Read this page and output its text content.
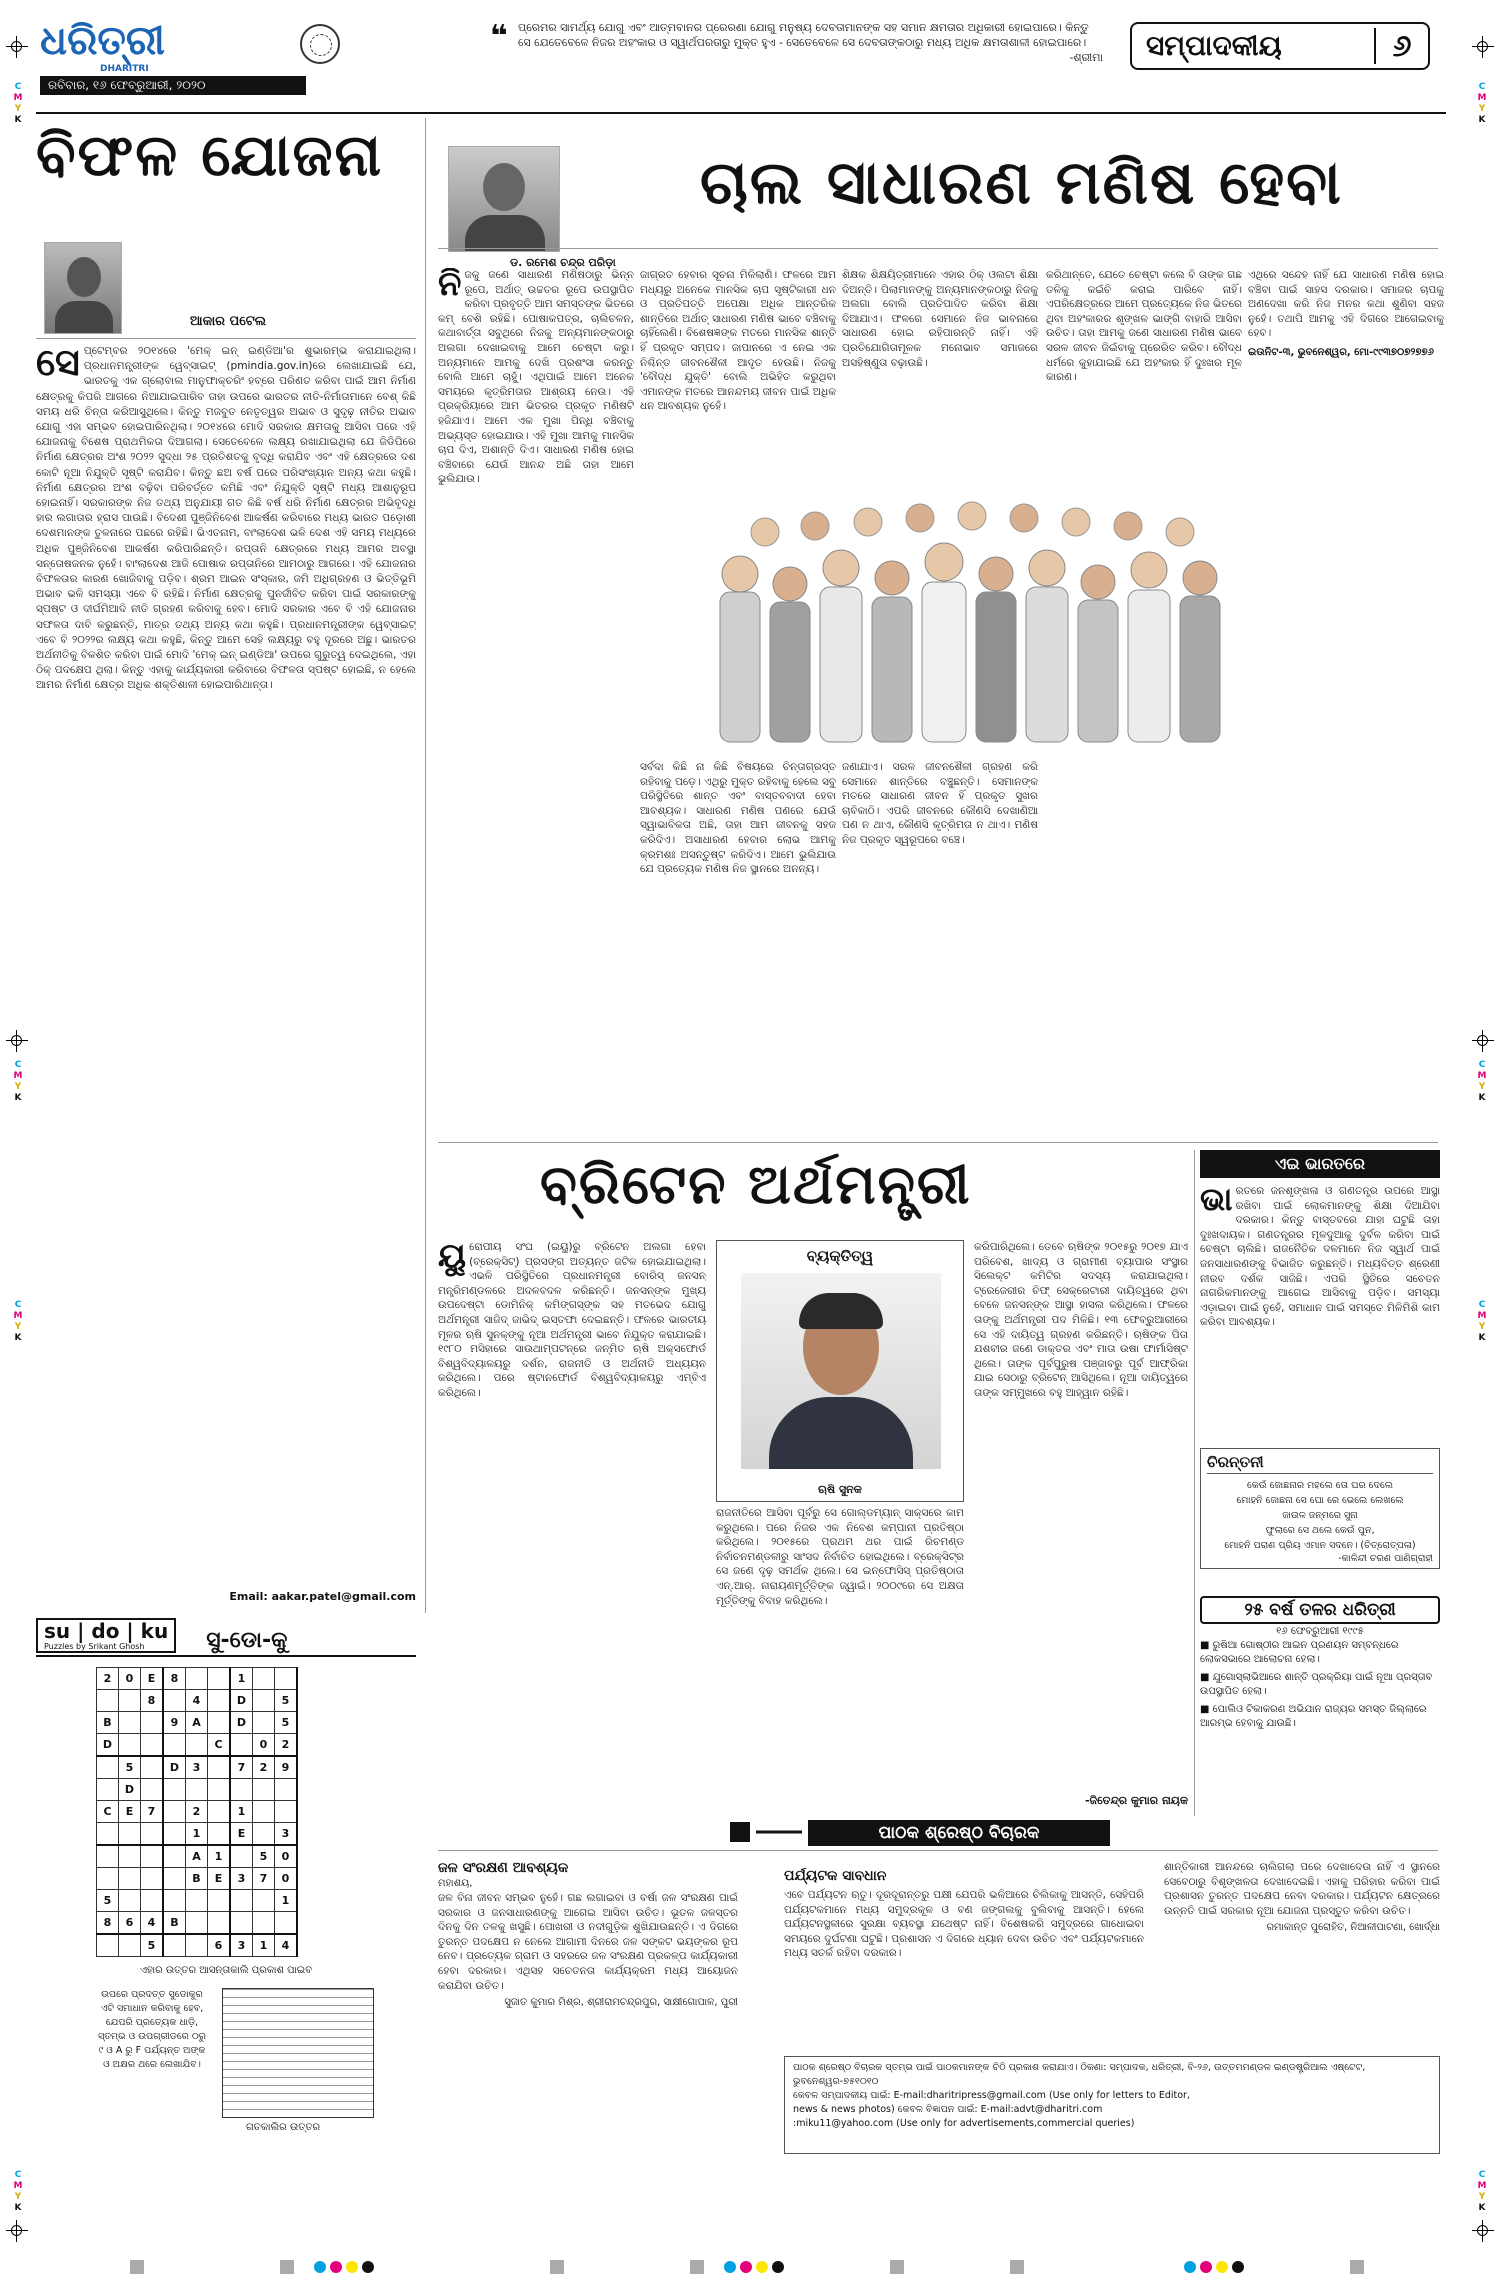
C
M
Y
K
C
M
Y
K
C
M
Y
K
C
M
Y
K
C
M
Y
K
C
M
Y
K
C
M
Y
K
C
M
Y
K
ଧରିତ୍ରୀ
DHARITRI
ରବିବାର, ୧୬ ଫେବ୍ରୁଆରୀ, ୨୦୨୦
❝ ପ୍ରେମର ସାମର୍ଥ୍ୟ ଯୋଗୁ ଏବଂ ଆତ୍ମବାନର ପ୍ରେରଣା ଯୋଗୁ ମନୁଷ୍ୟ ଦେବତାମାନଙ୍କ ସହ ସମାନ କ୍ଷମତାର ଅଧିକାରୀ ହୋଇପାରେ। କିନ୍ତୁ ସେ ଯେତେବେଳେ ନିଜର ଅହଂକାର ଓ ସ୍ୱାର୍ଥପରତାରୁ ମୁକ୍ତ ହୁଏ - ସେତେବେଳେ ସେ ଦେବତାଙ୍କଠାରୁ ମଧ୍ୟ ଅଧିକ କ୍ଷମତାଶାଳୀ ହୋଇପାରେ।
-ଶ୍ରୀମା	ସମ୍ପାଦକୀୟ	୬
ବିଫଳ ଯୋଜନା
ଆକାର ପଟେଲ
ସେ ପ୍ଟେମ୍ବର ୨୦୧୪ରେ 'ମେକ୍ ଇନ୍ ଇଣ୍ଡିଆ'ର ଶୁଭାରମ୍ଭ କରାଯାଇଥିଲା। ପ୍ରଧାନମନ୍ତ୍ରୀଙ୍କ ୱେବ୍‌ସାଇଟ୍ (pmindia.gov.in)ରେ ଲେଖାଯାଇଛି ଯେ, ଭାରତକୁ ଏକ ଗ୍ଲୋବାଲ ମାନୁଫାକ୍ଚରିଂ ହବ୍‌ରେ ପରିଣତ କରିବା ପାଇଁ ଆମ ନିର୍ମାଣ କ୍ଷେତ୍ରକୁ କିପରି ଆଗରେ ନିଆଯାଇପାରିବ ତାହା ଉପରେ ଭାରତର ନୀତି-ନିର୍ମାତାମାନେ ବେଶ୍ କିଛି ସମୟ ଧରି ଚିନ୍ତା କରିଆସୁଥିଲେ। କିନ୍ତୁ ମଜବୁତ ନେତୃତ୍ୱର ଅଭାବ ଓ ସୁଦୃଢ଼ ନୀତିର ଅଭାବ ଯୋଗୁ ଏହା ସମ୍ଭବ ହୋଇପାରିନଥିଲା। ୨୦୧୪ରେ ମୋଦି ସରକାର କ୍ଷମତାକୁ ଆସିବା ପରେ ଏହି ଯୋଜନାକୁ ବିଶେଷ ପ୍ରାଥମିକତା ଦିଆଗଲା। ସେତେବେଳେ ଲକ୍ଷ୍ୟ ରଖାଯାଇଥିଲା ଯେ ଜିଡିପିରେ ନିର୍ମାଣ କ୍ଷେତ୍ରର ଅଂଶ ୨୦୨୨ ସୁଦ୍ଧା ୨୫ ପ୍ରତିଶତକୁ ବୃଦ୍ଧି କରାଯିବ ଏବଂ ଏହି କ୍ଷେତ୍ରରେ ଦଶ କୋଟି ନୂଆ ନିଯୁକ୍ତି ସୃଷ୍ଟି କରାଯିବ। କିନ୍ତୁ ଛଅ ବର୍ଷ ପରେ ପରିସଂଖ୍ୟାନ ଅନ୍ୟ କଥା କହୁଛି। ନିର୍ମାଣ କ୍ଷେତ୍ରର ଅଂଶ ବଢ଼ିବା ପରିବର୍ତ୍ତେ କମିଛି ଏବଂ ନିଯୁକ୍ତି ସୃଷ୍ଟି ମଧ୍ୟ ଆଶାନୁରୂପ ହୋଇନାହିଁ। ସରକାରଙ୍କ ନିଜ ତଥ୍ୟ ଅନୁଯାୟୀ ଗତ କିଛି ବର୍ଷ ଧରି ନିର୍ମାଣ କ୍ଷେତ୍ରର ଅଭିବୃଦ୍ଧି ହାର ଲଗାତାର ହ୍ରାସ ପାଉଛି। ବିଦେଶୀ ପୁଞ୍ଜିନିବେଶ ଆକର୍ଷଣ କରିବାରେ ମଧ୍ୟ ଭାରତ ପଡ଼ୋଶୀ ଦେଶମାନଙ୍କ ତୁଳନାରେ ପଛରେ ରହିଛି। ଭିଏତନାମ, ବାଂଲାଦେଶ ଭଳି ଦେଶ ଏହି ସମୟ ମଧ୍ୟରେ ଅଧିକ ପୁଞ୍ଜିନିବେଶ ଆକର୍ଷଣ କରିପାରିଛନ୍ତି। ରପ୍ତାନି କ୍ଷେତ୍ରରେ ମଧ୍ୟ ଆମର ଅବସ୍ଥା ସନ୍ତୋଷଜନକ ନୁହେଁ। ବାଂଲାଦେଶ ଆଜି ପୋଷାକ ରପ୍ତାନିରେ ଆମଠାରୁ ଆଗରେ। ଏହି ଯୋଜନାର ବିଫଳତାର କାରଣ ଖୋଜିବାକୁ ପଡ଼ିବ। ଶ୍ରମ ଆଇନ ସଂସ୍କାର, ଜମି ଅଧିଗ୍ରହଣ ଓ ଭିତ୍ତିଭୂମି ଅଭାବ ଭଳି ସମସ୍ୟା ଏବେ ବି ରହିଛି। ନିର୍ମାଣ କ୍ଷେତ୍ରକୁ ପୁନର୍ଜୀବିତ କରିବା ପାଇଁ ସରକାରଙ୍କୁ ସ୍ପଷ୍ଟ ଓ ଦୀର୍ଘମିଆଦି ନୀତି ଗ୍ରହଣ କରିବାକୁ ହେବ। ମୋଦି ସରକାର ଏବେ ବି ଏହି ଯୋଜନାର ସଫଳତା ଦାବି କରୁଛନ୍ତି, ମାତ୍ର ତଥ୍ୟ ଅନ୍ୟ କଥା କହୁଛି। ପ୍ରଧାନମନ୍ତ୍ରୀଙ୍କ ୱେବ୍‌ସାଇଟ୍ ଏବେ ବି ୨୦୨୨ର ଲକ୍ଷ୍ୟ କଥା କହୁଛି, କିନ୍ତୁ ଆମେ ସେହି ଲକ୍ଷ୍ୟରୁ ବହୁ ଦୂରରେ ଅଛୁ। ଭାରତର ଅର୍ଥନୀତିକୁ ବିକଶିତ କରିବା ପାଇଁ ମୋଦି 'ମେକ୍ ଇନ୍ ଇଣ୍ଡିଆ' ଉପରେ ଗୁରୁତ୍ୱ ଦେଇଥିଲେ, ଏହା ଠିକ୍ ପଦକ୍ଷେପ ଥିଲା। କିନ୍ତୁ ଏହାକୁ କାର୍ଯ୍ୟକାରୀ କରିବାରେ ବିଫଳତା ସ୍ପଷ୍ଟ ହୋଇଛି, ନ ହେଲେ ଆମର ନିର୍ମାଣ କ୍ଷେତ୍ର ଅଧିକ ଶକ୍ତିଶାଳୀ ହୋଇପାରିଥାନ୍ତା।
Email: aakar.patel@gmail.com
su | do | ku
Puzzles by Srikant Ghosh	ସୁ-ଡୋ-କୁ
2	0	E	8			1		
		8		4		D		5
B			9	A		D		5
D					C		0	2
	5		D	3		7	2	9
	D							
C	E	7		2		1		
				1		E		3
				A	1		5	0
				B	E	3	7	0
5								1
8	6	4	B					
		5			6	3	1	4
ଏହାର ଉତ୍ତର ଆସନ୍ତାକାଲି ପ୍ରକାଶ ପାଇବ
ଉପରେ ପ୍ରଦତ୍ତ ସୁଡୋକୁର ଏଟି ସମାଧାନ କରିବାକୁ ହେବ, ଯେପରି ପ୍ରତ୍ୟେକ ଧାଡ଼ି, ସ୍ତମ୍ଭ ଓ ଉପଗ୍ରୀଡରେ ୦ରୁ ୯ ଓ A ରୁ F ପର୍ଯ୍ୟନ୍ତ ଅଙ୍କ ଓ ଅକ୍ଷର ଥରେ ଲେଖାଯିବ।
ଗତକାଲିର ଉତ୍ତର
ଡ. ରମେଶ ଚନ୍ଦ୍ର ପରିଡ଼ା
ଚାଲ ସାଧାରଣ ମଣିଷ ହେବା
ନି ଜକୁ ଜଣେ ସାଧାରଣ ମଣିଷଠାରୁ ଭିନ୍ନ ରୂପେ, ଅର୍ଥାତ୍ ଉଚ୍ଚତର ରୂପେ ଉପସ୍ଥାପିତ କରିବା ପ୍ରବୃତ୍ତି ଆମ ସମସ୍ତଙ୍କ ଭିତରେ କମ୍ ବେଶି ରହିଛି। ପୋଷାକପତ୍ର, ଚାଲିଚଳନ, କଥାବାର୍ତ୍ତା ସବୁଥିରେ ନିଜକୁ ଅନ୍ୟମାନଙ୍କଠାରୁ ଅଲଗା ଦେଖାଇବାକୁ ଆମେ ଚେଷ୍ଟା କରୁ। ଅନ୍ୟମାନେ ଆମକୁ ଦେଖି ପ୍ରଶଂସା କରନ୍ତୁ ବୋଲି ଆମେ ଚାହୁଁ। ଏଥିପାଇଁ ଆମେ ଅନେକ ସମୟରେ କୃତ୍ରିମତାର ଆଶ୍ରୟ ନେଉ। ଏହି ପ୍ରକ୍ରିୟାରେ ଆମ ଭିତରର ପ୍ରକୃତ ମଣିଷଟି ହଜିଯାଏ। ଆମେ ଏକ ମୁଖା ପିନ୍ଧି ବଞ୍ଚିବାକୁ ଅଭ୍ୟସ୍ତ ହୋଇଯାଉ। ଏହି ମୁଖା ଆମକୁ ମାନସିକ ଚାପ ଦିଏ, ଅଶାନ୍ତି ଦିଏ। ସାଧାରଣ ମଣିଷ ହୋଇ ବଞ୍ଚିବାରେ ଯେଉଁ ଆନନ୍ଦ ଅଛି ତାହା ଆମେ ଭୁଲିଯାଉ।
ଜାଗ୍ରତ ହେବାର ସୂଚନା ମିଳିଲାଣି। ଫଳରେ ଆମ ମଧ୍ୟରୁ ଅନେକେ ମାନସିକ ଚାପ ସୃଷ୍ଟିକାରୀ ଧନ ଓ ପ୍ରତିପତ୍ତି ଅପେକ୍ଷା ଅଧିକ ଆନ୍ତରିକ ଶାନ୍ତିରେ ଅର୍ଥାତ୍ ସାଧାରଣ ମଣିଷ ଭାବେ ବଞ୍ଚିବାକୁ ଚାହିଁଲେଣି। ବିଶେଷଜ୍ଞଙ୍କ ମତରେ ମାନସିକ ଶାନ୍ତି ହିଁ ପ୍ରକୃତ ସମ୍ପଦ। ଜାପାନରେ ଏ ନେଇ ଏକ ନିଶ୍ଚିନ୍ତ ଜୀବନଶୈଳୀ ଆଦୃତ ହେଉଛି। ନିଜକୁ 'ବୌଦ୍ଧ ଯୁକ୍ତି' ବୋଲି ଅଭିହିତ କରୁଥିବା ଏମାନଙ୍କ ମତରେ ଆନନ୍ଦମୟ ଜୀବନ ପାଇଁ ଅଧିକ ଧନ ଆବଶ୍ୟକ ନୁହେଁ।
ଶିକ୍ଷକ ଶିକ୍ଷୟିତ୍ରୀମାନେ ଏହାର ଠିକ୍ ଓଲଟା ଶିକ୍ଷା ଦିଅନ୍ତି। ପିଲାମାନଙ୍କୁ ଅନ୍ୟମାନଙ୍କଠାରୁ ନିଜକୁ ଅଲଗା ବୋଲି ପ୍ରତିପାଦିତ କରିବା ଶିକ୍ଷା ଦିଆଯାଏ। ଫଳରେ ସେମାନେ ନିଜ ଭାବନାରେ ସାଧାରଣ ହୋଇ ରହିପାରନ୍ତି ନାହିଁ। ଏହି ପ୍ରତିଯୋଗିତାମୂଳକ ମନୋଭାବ ସମାଜରେ ଅସହିଷ୍ଣୁତା ବଢ଼ାଉଛି।
କରିଥାନ୍ତେ, ଯେତେ ଚେଷ୍ଟା କଲେ ବି ତାଙ୍କ ଗଛ ତଳିକୁ କଇଁଚି କରାଇ ପାରିବେ ନାହିଁ। ଏପରିକ୍ଷେତ୍ରରେ ଆମେ ପ୍ରତ୍ୟେକେ ନିଜ ଭିତରେ ଥିବା ଅହଂକାରର ଶୃଙ୍ଖଳ ଭାଙ୍ଗି ବାହାରି ଆସିବା ଉଚିତ। ତାହା ଆମକୁ ଜଣେ ସାଧାରଣ ମଣିଷ ଭାବେ ସରଳ ଜୀବନ ଜିଇଁବାକୁ ପ୍ରେରିତ କରିବ। ବୌଦ୍ଧ ଧର୍ମରେ କୁହାଯାଇଛି ଯେ ଅହଂକାର ହିଁ ଦୁଃଖର ମୂଳ କାରଣ।
ଏଥିରେ ସନ୍ଦେହ ନାହିଁ ଯେ ସାଧାରଣ ମଣିଷ ହୋଇ ବଞ୍ଚିବା ପାଇଁ ସାହସ ଦରକାର। ସମାଜର ଚାପକୁ ଅଣଦେଖା କରି ନିଜ ମନର କଥା ଶୁଣିବା ସହଜ ନୁହେଁ। ତଥାପି ଆମକୁ ଏହି ଦିଗରେ ଆଗେଇବାକୁ ହେବ।
ଇଉନିଟ-୩, ଭୁବନେଶ୍ୱର, ମୋ-୯୯୩୭୦୭୨୭୭୬
ସର୍ବଦା କିଛି ନା କିଛି ବିଷୟରେ ଚିନ୍ତାଗ୍ରସ୍ତ ରହିବାକୁ ପଡ଼େ। ଏଥିରୁ ମୁକ୍ତ ରହିବାକୁ ହେଲେ ସବୁ ପରିସ୍ଥିତିରେ ଶାନ୍ତ ଏବଂ ବାସ୍ତବବାଦୀ ହେବା ଆବଶ୍ୟକ। ସାଧାରଣ ମଣିଷ ପଣରେ ଯେଉଁ ସ୍ୱାଭାବିକତା ଅଛି, ତାହା ଆମ ଜୀବନକୁ ସହଜ କରିଦିଏ। ଅସାଧାରଣ ହେବାର ଲୋଭ ଆମକୁ କ୍ରମଶଃ ଅସନ୍ତୁଷ୍ଟ କରିଦିଏ। ଆମେ ଭୁଲିଯାଉ ଯେ ପ୍ରତ୍ୟେକ ମଣିଷ ନିଜ ସ୍ଥାନରେ ଅନନ୍ୟ।
ଜଣାଯାଏ। ସରଳ ଜୀବନଶୈଳୀ ଗ୍ରହଣ କରି ସେମାନେ ଶାନ୍ତିରେ ବଞ୍ଚୁଛନ୍ତି। ସେମାନଙ୍କ ମତରେ ସାଧାରଣ ଜୀବନ ହିଁ ପ୍ରକୃତ ସୁଖର ଚାବିକାଠି। ଏପରି ଜୀବନରେ କୌଣସି ଦେଖାଣିଆ ପଣ ନ ଥାଏ, କୌଣସି କୃତ୍ରିମତା ନ ଥାଏ। ମଣିଷ ନିଜ ପ୍ରକୃତ ସ୍ୱରୂପରେ ବଞ୍ଚେ।
ବ୍ରିଟେନ ଅର୍ଥମନ୍ତ୍ରୀ
ୟୁ ରୋପୀୟ ସଂଘ (ଇୟୁ)ରୁ ବ୍ରିଟେନ ଅଲଗା ହେବା (ବ୍ରେକ୍ସିଟ୍) ପ୍ରସଙ୍ଗ ଅତ୍ୟନ୍ତ ଜଟିଳ ହୋଇଯାଇଥିଲା। ଏଭଳି ପରିସ୍ଥିତିରେ ପ୍ରଧାନମନ୍ତ୍ରୀ ବୋରିସ୍ ଜନସନ୍ ମନ୍ତ୍ରିମଣ୍ଡଳରେ ଅଦଳବଦଳ କରିଛନ୍ତି। ଜନସନ୍‌ଙ୍କ ମୁଖ୍ୟ ଉପଦେଷ୍ଟା ଡୋମିନିକ୍ କମିଙ୍ଗସ୍‌ଙ୍କ ସହ ମତଭେଦ ଯୋଗୁ ଅର୍ଥମନ୍ତ୍ରୀ ସାଜିଦ୍ ଜାଭିଦ୍ ଇସ୍ତଫା ଦେଇଛନ୍ତି। ଫଳରେ ଭାରତୀୟ ମୂଳର ଋଷି ସୁନକ୍‌ଙ୍କୁ ନୂଆ ଅର୍ଥମନ୍ତ୍ରୀ ଭାବେ ନିଯୁକ୍ତ କରାଯାଇଛି। ୧୯୮୦ ମସିହାରେ ସାଉଥାମ୍ପଟନ୍‌ରେ ଜନ୍ମିତ ଋଷି ଅକ୍ସଫୋର୍ଡ ବିଶ୍ୱବିଦ୍ୟାଳୟରୁ ଦର୍ଶନ, ରାଜନୀତି ଓ ଅର୍ଥନୀତି ଅଧ୍ୟୟନ କରିଥିଲେ। ପରେ ଷ୍ଟାନଫୋର୍ଡ ବିଶ୍ୱବିଦ୍ୟାଳୟରୁ ଏମ୍‌ବିଏ କରିଥିଲେ।
ବ୍ୟକ୍ତିତ୍ୱ
ଋଷି ସୁନକ
ରାଜନୀତିରେ ଆସିବା ପୂର୍ବରୁ ସେ ଗୋଲ୍ଡମ୍ୟାନ୍ ସାକ୍ସରେ କାମ କରୁଥିଲେ। ପରେ ନିଜର ଏକ ନିବେଶ କମ୍ପାନୀ ପ୍ରତିଷ୍ଠା କରିଥିଲେ। ୨୦୧୫ରେ ପ୍ରଥମ ଥର ପାଇଁ ରିଚମଣ୍ଡ ନିର୍ବାଚନମଣ୍ଡଳୀରୁ ସାଂସଦ ନିର୍ବାଚିତ ହୋଇଥିଲେ। ବ୍ରେକ୍ସିଟ୍‌ର ସେ ଜଣେ ଦୃଢ଼ ସମର୍ଥକ ଥିଲେ। ସେ ଇନ୍ଫୋସିସ୍ ପ୍ରତିଷ୍ଠାତା ଏନ୍.ଆର୍. ନାରାୟଣମୂର୍ତ୍ତିଙ୍କ ଜ୍ୱାଇଁ। ୨୦୦୯ରେ ସେ ଅକ୍ଷତା ମୂର୍ତ୍ତିଙ୍କୁ ବିବାହ କରିଥିଲେ।
କରିପାରିଥିଲେ। ତେବେ ଋଷିଙ୍କ ୨୦୧୫ରୁ ୨୦୧୭ ଯାଏ ପରିବେଶ, ଖାଦ୍ୟ ଓ ଗ୍ରାମୀଣ ବ୍ୟାପାର ସଂସ୍ଥାର ସିଲେକ୍ଟ କମିଟିର ସଦସ୍ୟ କରାଯାଇଥିଲା। ଟ୍ରେଜେରୀର ଚିଫ୍ ସେକ୍ରେଟାରୀ ଦାୟିତ୍ୱରେ ଥିବା ବେଳେ ଜନସନ୍‌ଙ୍କ ଆସ୍ଥା ହାସଲ କରିଥିଲେ। ଫଳରେ ତାଙ୍କୁ ଅର୍ଥମନ୍ତ୍ରୀ ପଦ ମିଳିଛି। ୧୩ ଫେବ୍ରୁଆରୀରେ ସେ ଏହି ଦାୟିତ୍ୱ ଗ୍ରହଣ କରିଛନ୍ତି। ଋଷିଙ୍କ ପିତା ଯଶବୀର ଜଣେ ଡାକ୍ତର ଏବଂ ମାତା ଉଷା ଫାର୍ମାସିଷ୍ଟ ଥିଲେ। ତାଙ୍କ ପୂର୍ବପୁରୁଷ ପଞ୍ଜାବରୁ ପୂର୍ବ ଆଫ୍ରିକା ଯାଇ ସେଠାରୁ ବ୍ରିଟେନ୍ ଆସିଥିଲେ। ନୂଆ ଦାୟିତ୍ୱରେ ତାଙ୍କ ସମ୍ମୁଖରେ ବହୁ ଆହ୍ୱାନ ରହିଛି।
-ଜିତେନ୍ଦ୍ର କୁମାର ନାୟକ
ଏଇ ଭାରତରେ
ଭା ରତରେ ଜନଶୃଙ୍ଖଳା ଓ ଗଣତନ୍ତ୍ର ଉପରେ ଆସ୍ଥା ରଖିବା ପାଇଁ ଲୋକମାନଙ୍କୁ ଶିକ୍ଷା ଦିଆଯିବା ଦରକାର। କିନ୍ତୁ ବାସ୍ତବରେ ଯାହା ଘଟୁଛି ତାହା ଦୁଃଖଦାୟକ। ଗଣତନ୍ତ୍ରର ମୂଳଦୁଆକୁ ଦୁର୍ବଳ କରିବା ପାଇଁ ଚେଷ୍ଟା ଚାଲିଛି। ରାଜନୈତିକ ଦଳମାନେ ନିଜ ସ୍ୱାର୍ଥ ପାଇଁ ଜନସାଧାରଣଙ୍କୁ ବିଭାଜିତ କରୁଛନ୍ତି। ମଧ୍ୟବିତ୍ତ ଶ୍ରେଣୀ ନୀରବ ଦର୍ଶକ ସାଜିଛି। ଏପରି ସ୍ଥିତିରେ ସଚେତନ ନାଗରିକମାନଙ୍କୁ ଆଗେଇ ଆସିବାକୁ ପଡ଼ିବ। ସମସ୍ୟା ଏଡ଼ାଇବା ପାଇଁ ନୁହେଁ, ସମାଧାନ ପାଇଁ ସମସ୍ତେ ମିଳିମିଶି କାମ କରିବା ଆବଶ୍ୟକ।
ଚିରନ୍ତନୀ
କେଉଁ ଜୋଛନାର ମହଲେ ତୋ ଘର ଦେଲେ
ମୋହନି ଜୋଛନା ସେ ଘୋ ରେ ଭେଲେ ଲେଖଲେ
ଜାଉଳ ଜନ୍ମରେ ସୁନା
ଫୁଲାରେ ସେ ଥଲେ କେଉଁ ପୁନ,
ମୋହନି ପରାଣ ପ୍ରିୟ ଏମାନ ସଦନେ। (ଚିତ୍ରୋତ୍ପଳା)
-କାଳିନ୍ଦୀ ଚରଣ ପାଣିଗ୍ରାହୀ
୨୫ ବର୍ଷ ତଳର ଧରିତ୍ରୀ
୧୬ ଫେବ୍ରୁଆରୀ ୧୯୯୫
■ ରୁଷିଆ ଗୋଷ୍ଠୀର ଆଇନ ପ୍ରଣୟନ ସମ୍ବନ୍ଧରେ ଲୋକସଭାରେ ଆଲୋଚନା ହେଲା।
■ ଯୁଗୋସ୍ଲାଭିଆରେ ଶାନ୍ତି ପ୍ରକ୍ରିୟା ପାଇଁ ନୂଆ ପ୍ରସ୍ତାବ ଉପସ୍ଥାପିତ ହେଲା।
■ ପୋଲିଓ ଟିକାକରଣ ଅଭିଯାନ ରାଜ୍ୟର ସମସ୍ତ ଜିଲ୍ଲାରେ ଆରମ୍ଭ ହେବାକୁ ଯାଉଛି।
ପାଠକ ଶ୍ରେଷ୍ଠ ବିଚାରକ
ଜଳ ସଂରକ୍ଷଣ ଆବଶ୍ୟକ
ମହାଶୟ,
ଜଳ ବିନା ଜୀବନ ସମ୍ଭବ ନୁହେଁ। ଗଛ ଲଗାଇବା ଓ ବର୍ଷା ଜଳ ସଂରକ୍ଷଣ ପାଇଁ ସରକାର ଓ ଜନସାଧାରଣଙ୍କୁ ଆଗେଇ ଆସିବା ଉଚିତ। ଭୂତଳ ଜଳସ୍ତର ଦିନକୁ ଦିନ ତଳକୁ ଖସୁଛି। ପୋଖରୀ ଓ ନଦୀଗୁଡ଼ିକ ଶୁଖିଯାଉଛନ୍ତି। ଏ ଦିଗରେ ତୁରନ୍ତ ପଦକ୍ଷେପ ନ ନେଲେ ଆଗାମୀ ଦିନରେ ଜଳ ସଙ୍କଟ ଭୟଙ୍କର ରୂପ ନେବ। ପ୍ରତ୍ୟେକ ଗ୍ରାମ ଓ ସହରରେ ଜଳ ସଂରକ୍ଷଣ ପ୍ରକଳ୍ପ କାର୍ଯ୍ୟକାରୀ ହେବା ଦରକାର। ଏଥିସହ ସଚେତନତା କାର୍ଯ୍ୟକ୍ରମ ମଧ୍ୟ ଆୟୋଜନ କରାଯିବା ଉଚିତ।
ସୁଜାତ କୁମାର ମିଶ୍ର, ଶ୍ରୀରାମଚନ୍ଦ୍ରପୁର, ସାକ୍ଷୀଗୋପାଳ, ପୁରୀ
ପର୍ଯ୍ୟଟକ ସାବଧାନ
ଏବେ ପର୍ଯ୍ୟଟନ ଋତୁ। ଦୂରଦୂରାନ୍ତରୁ ପକ୍ଷୀ ଯେପରି ଭଳିଆରେ ଚିଲିକାକୁ ଆସନ୍ତି, ସେହିପରି ପର୍ଯ୍ୟଟକମାନେ ମଧ୍ୟ ସମୁଦ୍ରକୂଳ ଓ ବଣ ଜଙ୍ଗଲକୁ ବୁଲିବାକୁ ଆସନ୍ତି। ହେଲେ ପର୍ଯ୍ୟଟନସ୍ଥଳୀରେ ସୁରକ୍ଷା ବ୍ୟବସ୍ଥା ଯଥେଷ୍ଟ ନାହିଁ। ବିଶେଷକରି ସମୁଦ୍ରରେ ଗାଧୋଇବା ସମୟରେ ଦୁର୍ଘଟଣା ଘଟୁଛି। ପ୍ରଶାସନ ଏ ଦିଗରେ ଧ୍ୟାନ ଦେବା ଉଚିତ ଏବଂ ପର୍ଯ୍ୟଟକମାନେ ମଧ୍ୟ ସତର୍କ ରହିବା ଦରକାର।
ଶାନ୍ତିକାରୀ ଆନନ୍ଦରେ ଚାଲିଗଲା ପରେ ଦେଖାଦେଉ ନାହିଁ ଏ ସ୍ଥାନରେ ସେବେଠାରୁ ବିଶୃଙ୍ଖଳତା ଦେଖାଦେଇଛି। ଏହାକୁ ପରିହାର କରିବା ପାଇଁ ପ୍ରଶାସନ ତୁରନ୍ତ ପଦକ୍ଷେପ ନେବା ଦରକାର। ପର୍ଯ୍ୟଟନ କ୍ଷେତ୍ରରେ ଉନ୍ନତି ପାଇଁ ସରକାର ନୂଆ ଯୋଜନା ପ୍ରସ୍ତୁତ କରିବା ଉଚିତ।
ରମାକାନ୍ତ ପୁରୋହିତ, ନିଆଳୀପାଟଣା, ଖୋର୍ଦ୍ଧା
ପାଠକ ଶ୍ରେଷ୍ଠ ବିଚାରକ ସ୍ତମ୍ଭ ପାଇଁ ପାଠକମାନଙ୍କ ଚିଠି ପ୍ରକାଶ କରାଯାଏ। ଠିକଣା: ସମ୍ପାଦକ, ଧରିତ୍ରୀ, ବି-୨୬, ଉତ୍ତମମଣ୍ଡଳ ଇଣ୍ଡଷ୍ଟ୍ରିଆଲ ଏଷ୍ଟେଟ, ଭୁବନେଶ୍ୱର-୭୫୧୦୧୦
କେବଳ ସମ୍ପାଦକୀୟ ପାଇଁ: E-mail:dharitripress@gmail.com (Use only for letters to Editor,
news & news photos) କେବଳ ବିଜ୍ଞାପନ ପାଇଁ: E-mail:advt@dharitri.com
:miku11@yahoo.com (Use only for advertisements,commercial queries)
